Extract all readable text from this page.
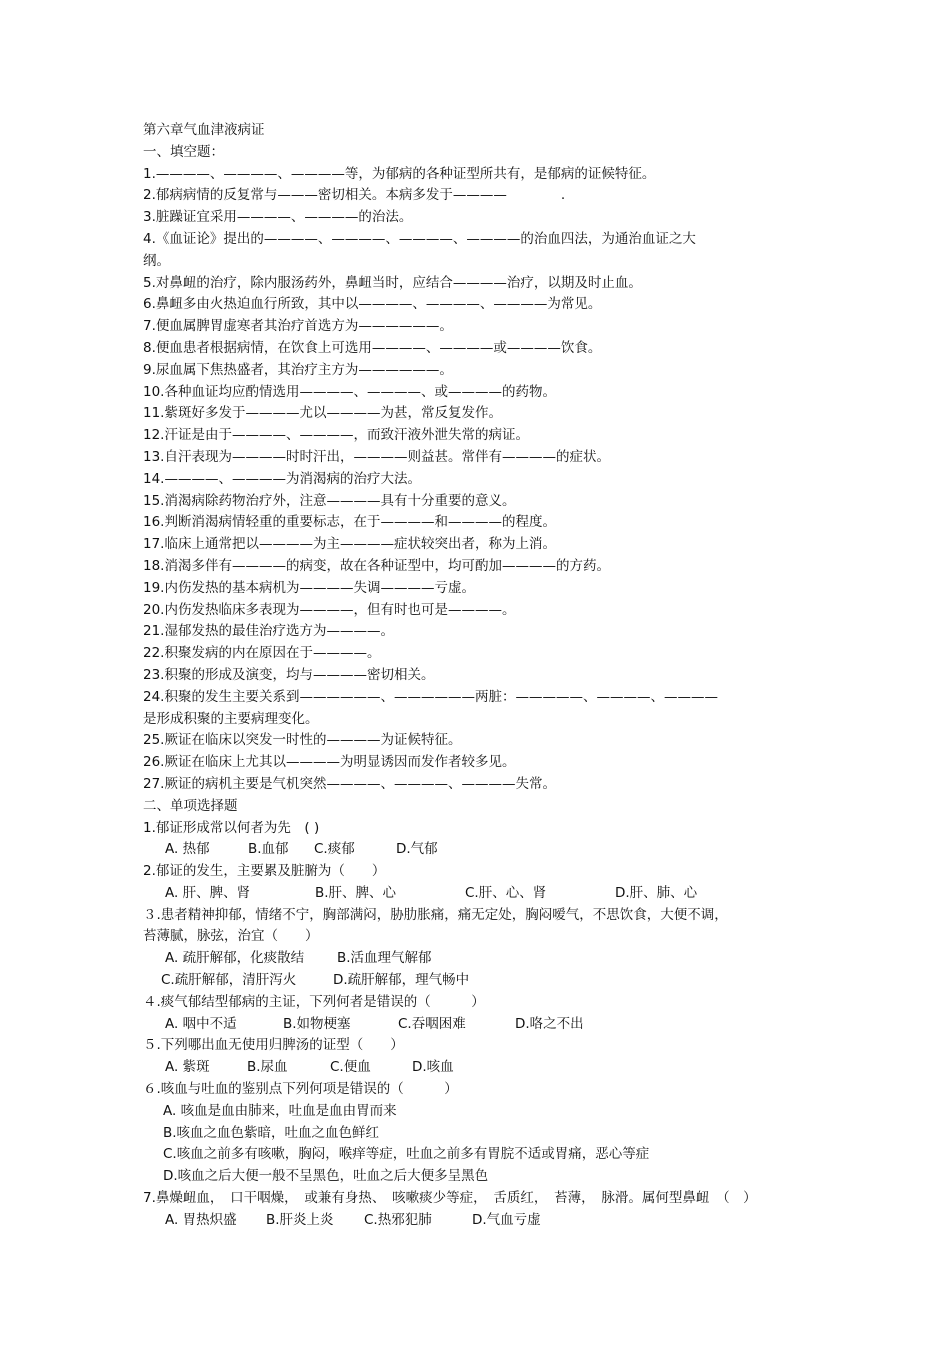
第六章气血津液病证
一、填空题：
1.————、————、————等，为郁病的各种证型所共有，是郁病的证候特征。
2.郁病病情的反复常与———密切相关。本病多发于————　　　　.
3.脏躁证宜采用————、————的治法。
4.《血证论》提出的————、————、————、————的治血四法，为通治血证之大纲。
5.对鼻衄的治疗，除内服汤药外，鼻衄当时，应结合————治疗，以期及时止血。
6.鼻衄多由火热迫血行所致，其中以————、————、————为常见。
7.便血属脾胃虚寒者其治疗首选方为——————。
8.便血患者根据病情，在饮食上可选用————、————或————饮食。
9.尿血属下焦热盛者，其治疗主方为——————。
10.各种血证均应酌情选用————、————、或————的药物。
11.紫斑好多发于————尤以————为甚，常反复发作。
12.汗证是由于————、————，而致汗液外泄失常的病证。
13.自汗表现为————时时汗出，————则益甚。常伴有————的症状。
14.————、————为消渴病的治疗大法。
15.消渴病除药物治疗外，注意————具有十分重要的意义。
16.判断消渴病情轻重的重要标志，在于————和————的程度。
17.临床上通常把以————为主————症状较突出者，称为上消。
18.消渴多伴有————的病变，故在各种证型中，均可酌加————的方药。
19.内伤发热的基本病机为————失调————亏虚。
20.内伤发热临床多表现为————，但有时也可是————。
21.湿郁发热的最佳治疗选方为————。
22.积聚发病的内在原因在于————。
23.积聚的形成及演变，均与————密切相关。
24.积聚的发生主要关系到——————、——————两脏：—————、————、————是形成积聚的主要病理变化。
25.厥证在临床以突发一时性的————为证候特征。
26.厥证在临床上尤其以————为明显诱因而发作者较多见。
27.厥证的病机主要是气机突然————、————、————失常。
二、单项选择题
1.郁证形成常以何者为先　( )
A. 热郁	B.血郁	C.痰郁	D.气郁
2.郁证的发生，主要累及脏腑为（　　）
A. 肝、脾、肾	B.肝、脾、心	C.肝、心、肾	D.肝、肺、心
３.患者精神抑郁，情绪不宁，胸部满闷，胁肋胀痛，痛无定处，胸闷嗳气，不思饮食，大便不调，苔薄腻，脉弦，治宜（　　）
A. 疏肝解郁，化痰散结	B.活血理气解郁
C.疏肝解郁，清肝泻火	D.疏肝解郁，理气畅中
４.痰气郁结型郁病的主证，下列何者是错误的（　　　）
A. 咽中不适	B.如物梗塞	C.吞咽困难	D.咯之不出
５.下列哪出血无使用归脾汤的证型（　　）
A. 紫斑	B.尿血	C.便血	D.咳血
６.咳血与吐血的鉴别点下列何项是错误的（　　　）
A. 咳血是血由肺来，吐血是血由胃而来
B.咳血之血色紫暗，吐血之血色鲜红
C.咳血之前多有咳嗽，胸闷，喉痒等症，吐血之前多有胃脘不适或胃痛，恶心等症
D.咳血之后大便一般不呈黑色，吐血之后大便多呈黑色
7.鼻燥衄血，　口干咽燥，　或兼有身热、　咳嗽痰少等症，　舌质红，　苔薄，　脉滑。属何型鼻衄　（　）
A. 胃热炽盛	B.肝炎上炎	C.热邪犯肺	D.气血亏虚
